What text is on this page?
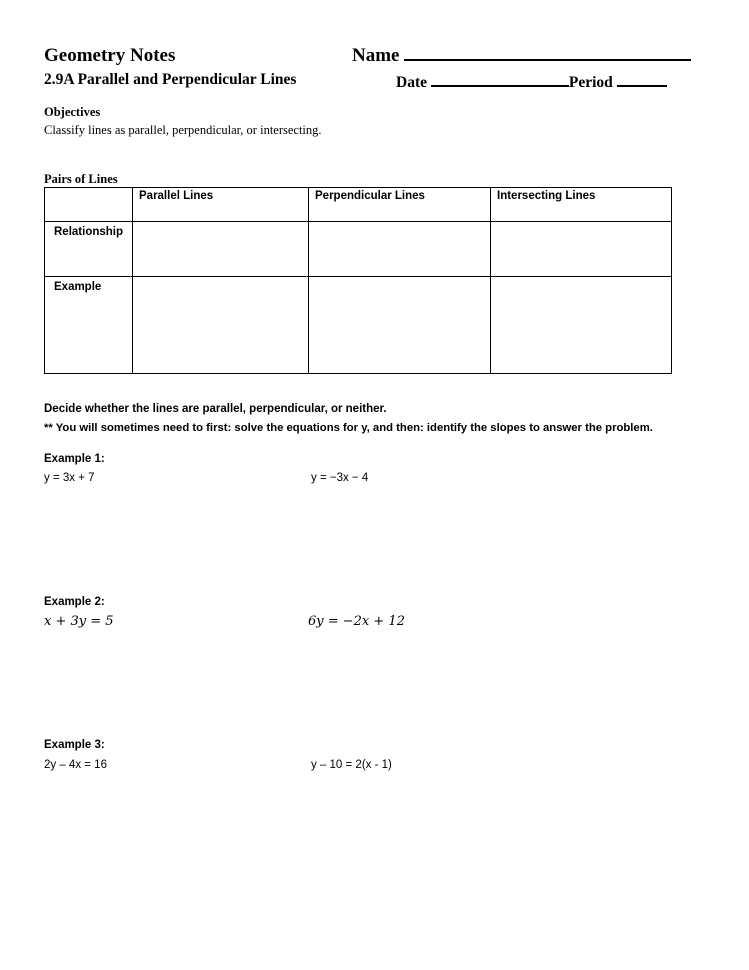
Geometry Notes	Name
2.9A Parallel and Perpendicular Lines	Date	Period
Objectives
Classify lines as parallel, perpendicular, or intersecting.
Pairs of Lines
	Parallel Lines	Perpendicular Lines	Intersecting Lines
Relationship			
Example			
Decide whether the lines are parallel, perpendicular, or neither.
** You will sometimes need to first: solve the equations for y, and then: identify the slopes to answer the problem.
Example 1:
y = 3x + 7	y = −3x − 4
Example 2:
x + 3y = 5	6y = −2x + 12
Example 3:
2y – 4x = 16	y – 10 = 2(x - 1)
